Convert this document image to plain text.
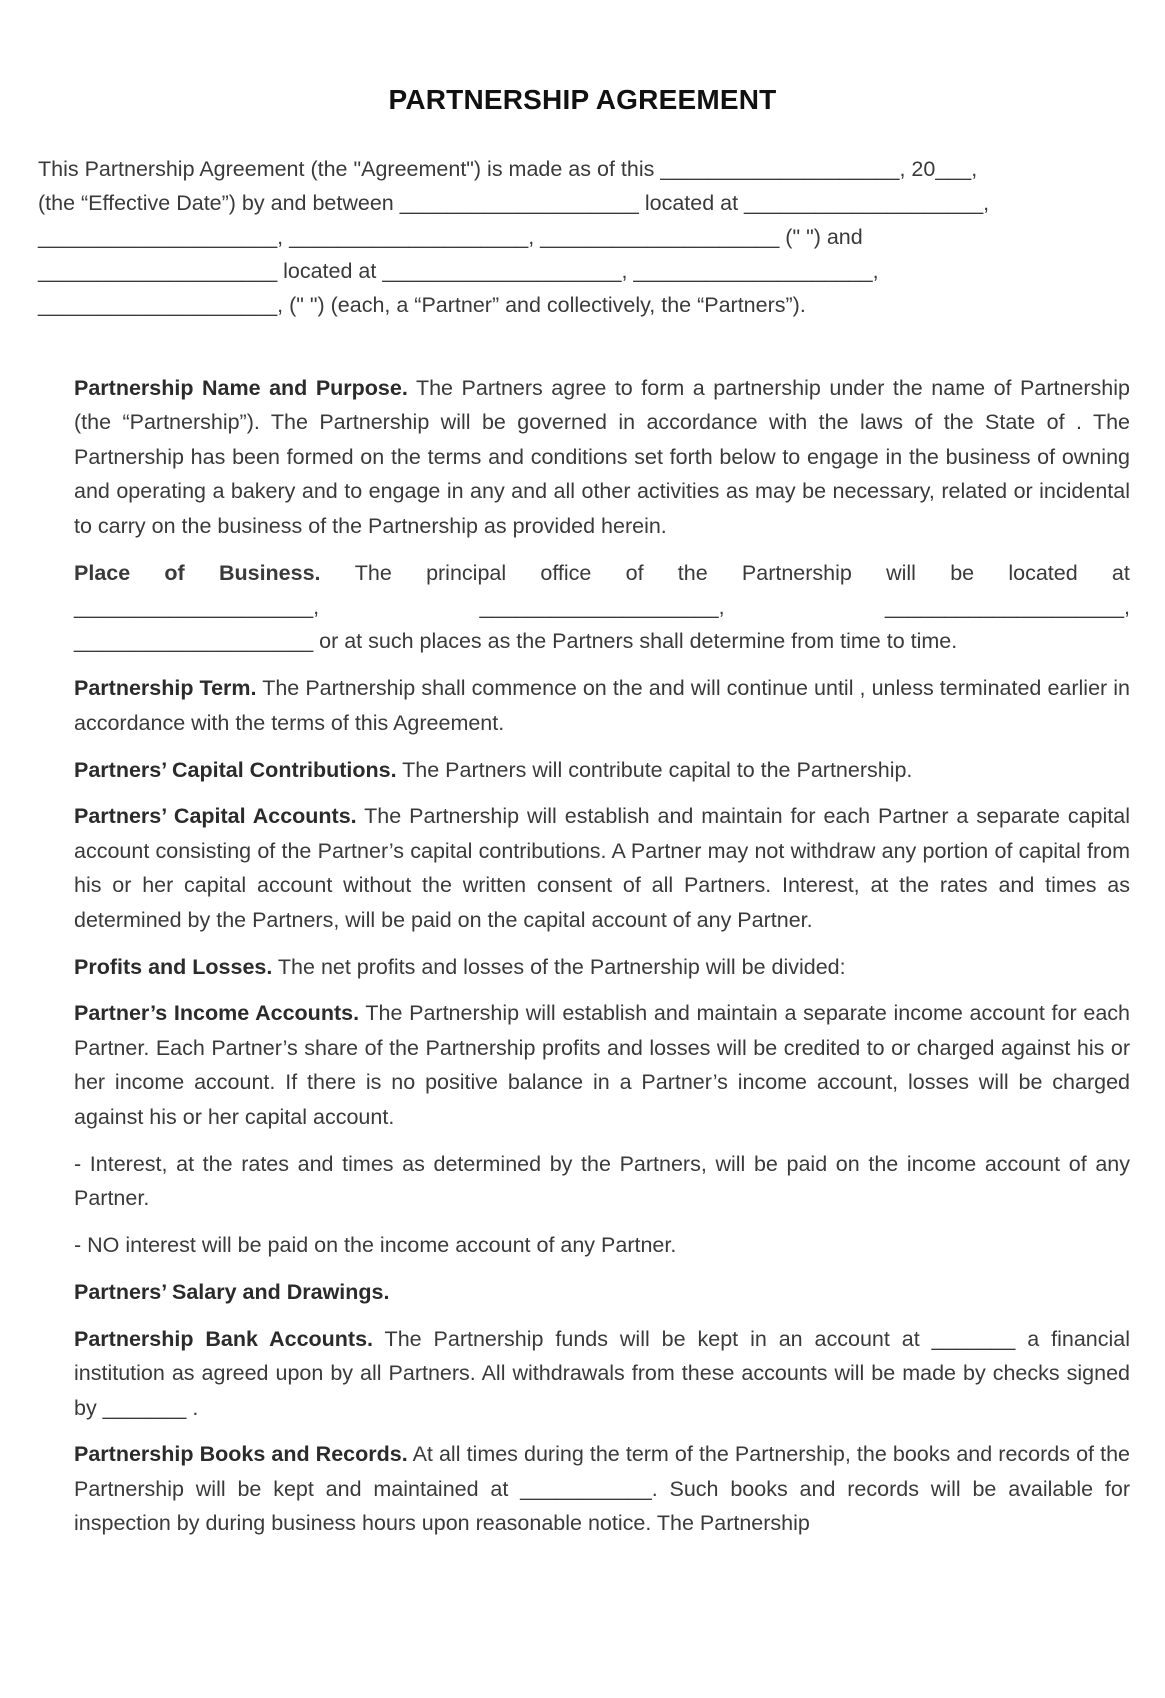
PARTNERSHIP AGREEMENT
This Partnership Agreement (the "Agreement") is made as of this ____________________, 20___,
(the “Effective Date”) by and between ____________________ located at ____________________,
____________________, ____________________, ____________________ (" ") and
____________________ located at ____________________, ____________________,
____________________, (" ") (each, a “Partner” and collectively, the “Partners”).

Partnership Name and Purpose. The Partners agree to form a partnership under the name of Partnership (the “Partnership”). The Partnership will be governed in accordance with the laws of the State of . The Partnership has been formed on the terms and conditions set forth below to engage in the business of owning and operating a bakery and to engage in any and all other activities as may be necessary, related or incidental to carry on the business of the Partnership as provided herein.

Place of Business. The principal office of the Partnership will be located at
____________________,	____________________,	____________________,
____________________ or at such places as the Partners shall determine from time to time.

Partnership Term. The Partnership shall commence on the and will continue until , unless terminated earlier in accordance with the terms of this Agreement.

Partners’ Capital Contributions. The Partners will contribute capital to the Partnership.

Partners’ Capital Accounts. The Partnership will establish and maintain for each Partner a separate capital account consisting of the Partner’s capital contributions. A Partner may not withdraw any portion of capital from his or her capital account without the written consent of all Partners. Interest, at the rates and times as determined by the Partners, will be paid on the capital account of any Partner.

Profits and Losses. The net profits and losses of the Partnership will be divided:

Partner’s Income Accounts. The Partnership will establish and maintain a separate income account for each Partner. Each Partner’s share of the Partnership profits and losses will be credited to or charged against his or her income account. If there is no positive balance in a Partner’s income account, losses will be charged against his or her capital account.

- Interest, at the rates and times as determined by the Partners, will be paid on the income account of any Partner.

- NO interest will be paid on the income account of any Partner.

Partners’ Salary and Drawings.

Partnership Bank Accounts. The Partnership funds will be kept in an account at _______ a financial institution as agreed upon by all Partners. All withdrawals from these accounts will be made by checks signed by _______ .

Partnership Books and Records. At all times during the term of the Partnership, the books and records of the Partnership will be kept and maintained at ___________. Such books and records will be available for inspection by during business hours upon reasonable notice. The Partnership
